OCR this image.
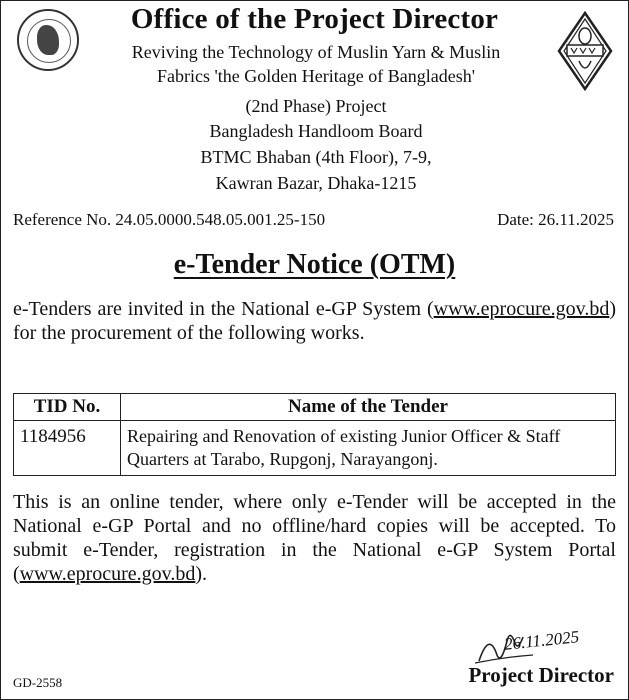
Office of the Project Director
Reviving the Technology of Muslin Yarn & Muslin
Fabrics 'the Golden Heritage of Bangladesh'
(2nd Phase) Project
Bangladesh Handloom Board
BTMC Bhaban (4th Floor), 7-9,
Kawran Bazar, Dhaka-1215
Reference No. 24.05.0000.548.05.001.25-150	Date: 26.11.2025
e-Tender Notice (OTM)
e-Tenders are invited in the National e-GP System (www.eprocure.gov.bd) for the procurement of the following works.
TID No.	Name of the Tender
1184956	Repairing and Renovation of existing Junior Officer & Staff Quarters at Tarabo, Rupgonj, Narayangonj.
This is an online tender, where only e-Tender will be accepted in the National e-GP Portal and no offline/hard copies will be accepted. To submit e-Tender, registration in the National e-GP System Portal (www.eprocure.gov.bd).
26.11.2025
Project Director
GD-2558
